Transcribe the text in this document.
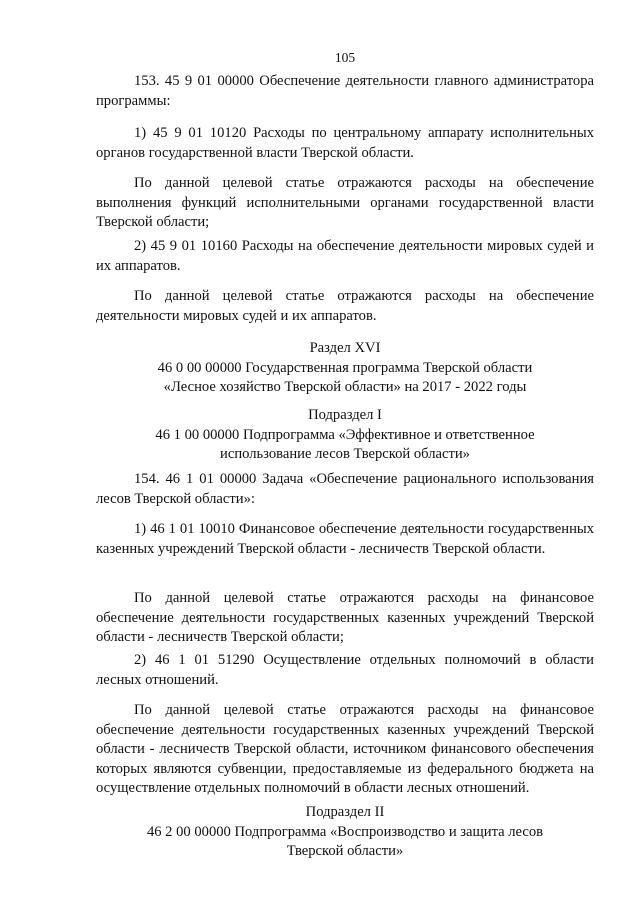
105

153. 45 9 01 00000 Обеспечение деятельности главного администратора программы:

1) 45 9 01 10120 Расходы по центральному аппарату исполнительных органов государственной власти Тверской области.

По данной целевой статье отражаются расходы на обеспечение выполнения функций исполнительными органами государственной власти Тверской области;

2) 45 9 01 10160 Расходы на обеспечение деятельности мировых судей и их аппаратов.

По данной целевой статье отражаются расходы на обеспечение деятельности мировых судей и их аппаратов.

Раздел XVI
46 0 00 00000 Государственная программа Тверской области
«Лесное хозяйство Тверской области» на 2017 - 2022 годы
Подраздел I
46 1 00 00000 Подпрограмма «Эффективное и ответственное
использование лесов Тверской области»

154. 46 1 01 00000 Задача «Обеспечение рационального использования лесов Тверской области»:

1) 46 1 01 10010 Финансовое обеспечение деятельности государственных казенных учреждений Тверской области - лесничеств Тверской области.

По данной целевой статье отражаются расходы на финансовое обеспечение деятельности государственных казенных учреждений Тверской области - лесничеств Тверской области;

2) 46 1 01 51290 Осуществление отдельных полномочий в области лесных отношений.

По данной целевой статье отражаются расходы на финансовое обеспечение деятельности государственных казенных учреждений Тверской области - лесничеств Тверской области, источником финансового обеспечения которых являются субвенции, предоставляемые из федерального бюджета на осуществление отдельных полномочий в области лесных отношений.

Подраздел II
46 2 00 00000 Подпрограмма «Воспроизводство и защита лесов
Тверской области»
